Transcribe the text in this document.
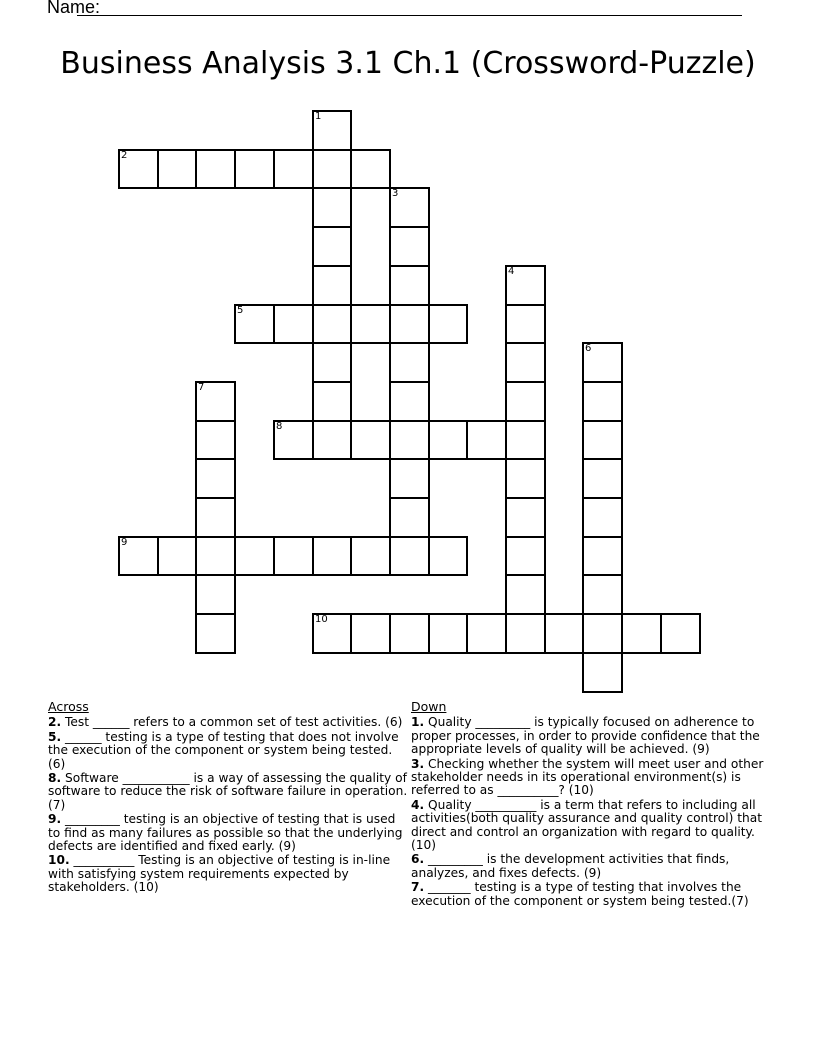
Name:
Business Analysis 3.1 Ch.1 (Crossword-Puzzle)
2
5
8
9
10
1
3
4
6
7
Across
2. Test ______ refers to a common set of test activities. (6)
5. ______ testing is a type of testing that does not involve the execution of the component or system being tested. (6)
8. Software ___________ is a way of assessing the quality of software to reduce the risk of software failure in operation. (7)
9. _________ testing is an objective of testing that is used to find as many failures as possible so that the underlying defects are identified and fixed early. (9)
10. __________ Testing is an objective of testing is in-line with satisfying system requirements expected by stakeholders. (10)
Down
1. Quality _________ is typically focused on adherence to proper processes, in order to provide confidence that the appropriate levels of quality will be achieved. (9)
3. Checking whether the system will meet user and other stakeholder needs in its operational environment(s) is referred to as __________? (10)
4. Quality __________ is a term that refers to including all activities(both quality assurance and quality control) that direct and control an organization with regard to quality. (10)
6. _________ is the development activities that finds, analyzes, and fixes defects. (9)
7. _______ testing is a type of testing that involves the execution of the component or system being tested.(7)
